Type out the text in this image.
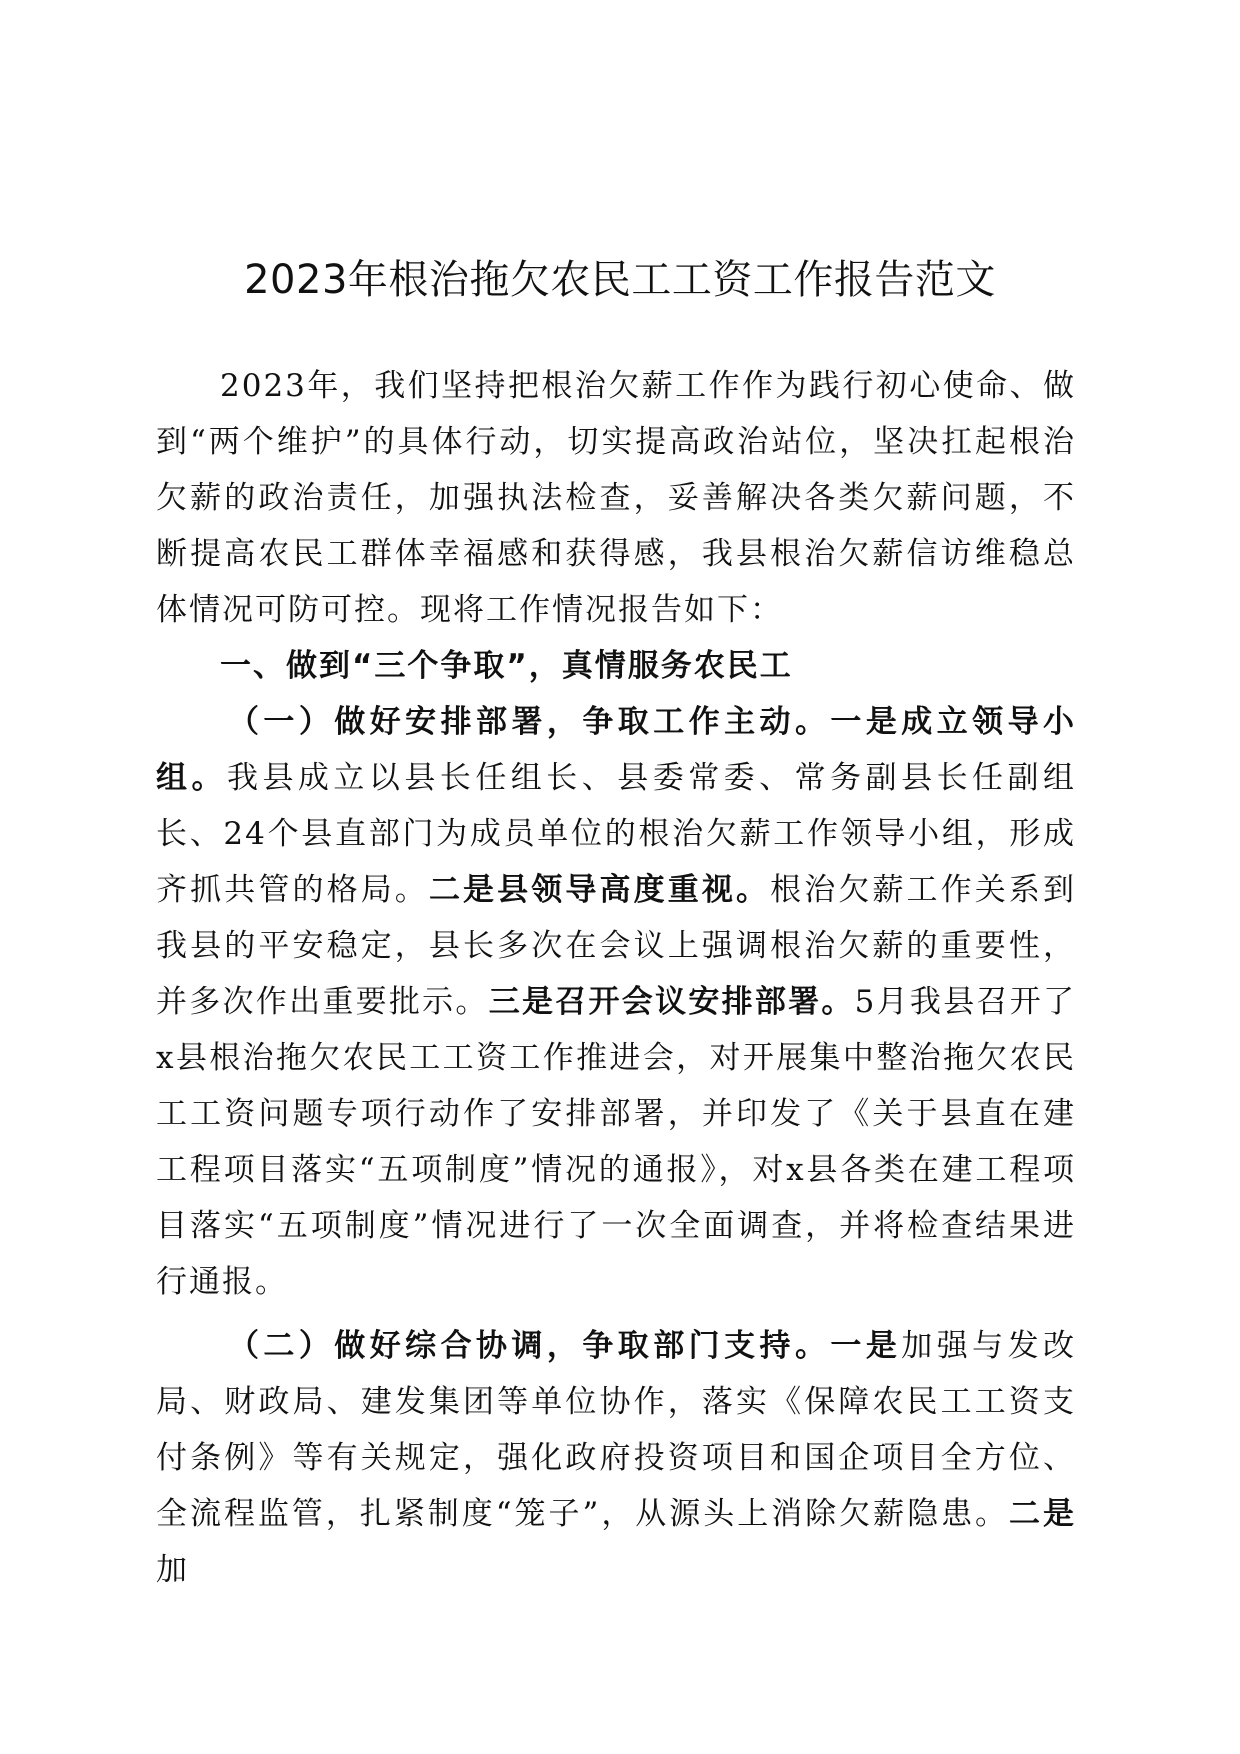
2023年根治拖欠农民工工资工作报告范文

2023年，我们坚持把根治欠薪工作作为践行初心使命、做到“两个维护”的具体行动，切实提高政治站位，坚决扛起根治欠薪的政治责任，加强执法检查，妥善解决各类欠薪问题，不断提高农民工群体幸福感和获得感，我县根治欠薪信访维稳总体情况可防可控。现将工作情况报告如下：

一、做到“三个争取”，真情服务农民工

（一）做好安排部署，争取工作主动。一是成立领导小组。我县成立以县长任组长、县委常委、常务副县长任副组长、24个县直部门为成员单位的根治欠薪工作领导小组，形成齐抓共管的格局。二是县领导高度重视。根治欠薪工作关系到我县的平安稳定，县长多次在会议上强调根治欠薪的重要性，并多次作出重要批示。三是召开会议安排部署。5月我县召开了x县根治拖欠农民工工资工作推进会，对开展集中整治拖欠农民工工资问题专项行动作了安排部署，并印发了《关于县直在建工程项目落实“五项制度”情况的通报》，对x县各类在建工程项目落实“五项制度”情况进行了一次全面调查，并将检查结果进行通报。

（二）做好综合协调，争取部门支持。一是加强与发改局、财政局、建发集团等单位协作，落实《保障农民工工资支付条例》等有关规定，强化政府投资项目和国企项目全方位、全流程监管，扎紧制度“笼子”，从源头上消除欠薪隐患。二是加
